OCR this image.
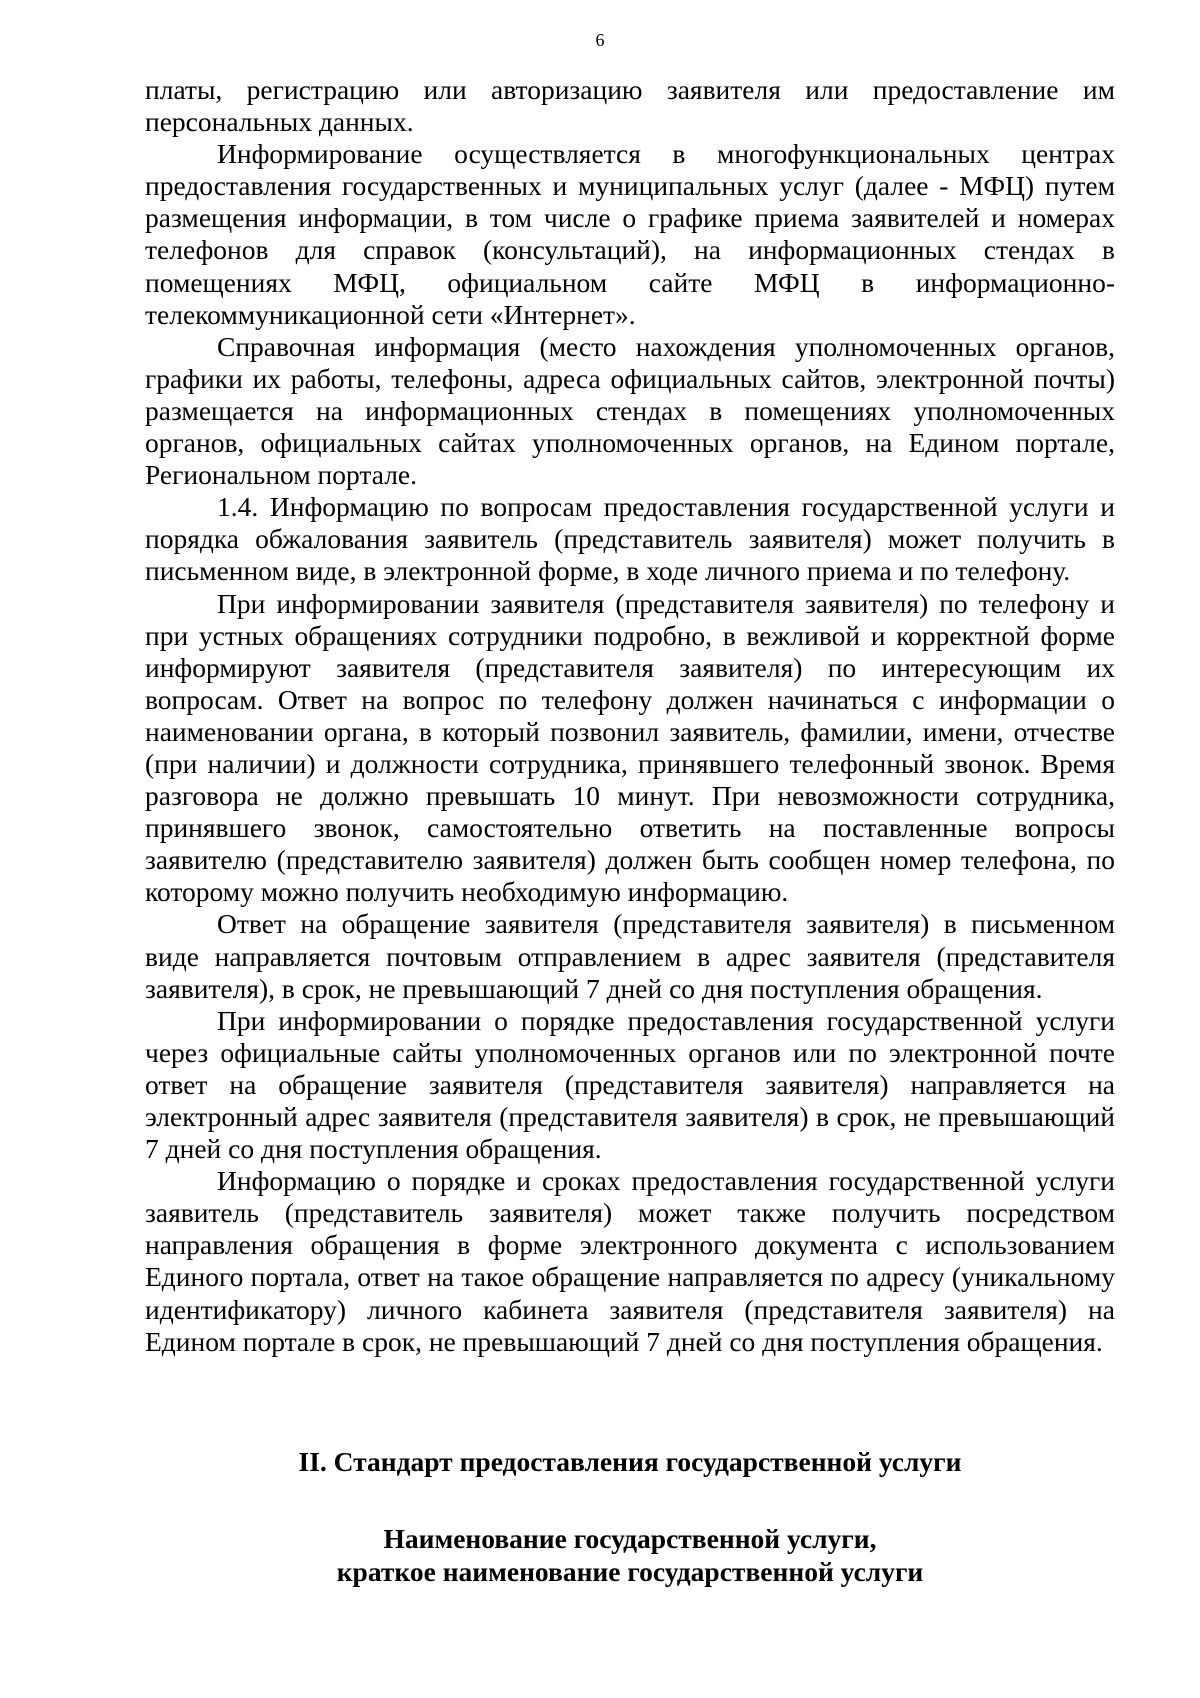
6

платы, регистрацию или авторизацию заявителя или предоставление им персональных данных.

Информирование осуществляется в многофункциональных центрах предоставления государственных и муниципальных услуг (далее - МФЦ) путем размещения информации, в том числе о графике приема заявителей и номерах телефонов для справок (консультаций), на информационных стендах в помещениях МФЦ, официальном сайте МФЦ в информационно-телекоммуникационной сети «Интернет».

Справочная информация (место нахождения уполномоченных органов, графики их работы, телефоны, адреса официальных сайтов, электронной почты) размещается на информационных стендах в помещениях уполномоченных органов, официальных сайтах уполномоченных органов, на Едином портале, Региональном портале.

1.4. Информацию по вопросам предоставления государственной услуги и порядка обжалования заявитель (представитель заявителя) может получить в письменном виде, в электронной форме, в ходе личного приема и по телефону.

При информировании заявителя (представителя заявителя) по телефону и при устных обращениях сотрудники подробно, в вежливой и корректной форме информируют заявителя (представителя заявителя) по интересующим их вопросам. Ответ на вопрос по телефону должен начинаться с информации о наименовании органа, в который позвонил заявитель, фамилии, имени, отчестве (при наличии) и должности сотрудника, принявшего телефонный звонок. Время разговора не должно превышать 10 минут. При невозможности сотрудника, принявшего звонок, самостоятельно ответить на поставленные вопросы заявителю (представителю заявителя) должен быть сообщен номер телефона, по которому можно получить необходимую информацию.

Ответ на обращение заявителя (представителя заявителя) в письменном виде направляется почтовым отправлением в адрес заявителя (представителя заявителя), в срок, не превышающий 7 дней со дня поступления обращения.

При информировании о порядке предоставления государственной услуги через официальные сайты уполномоченных органов или по электронной почте ответ на обращение заявителя (представителя заявителя) направляется на электронный адрес заявителя (представителя заявителя) в срок, не превышающий 7 дней со дня поступления обращения.

Информацию о порядке и сроках предоставления государственной услуги заявитель (представитель заявителя) может также получить посредством направления обращения в форме электронного документа с использованием Единого портала, ответ на такое обращение направляется по адресу (уникальному идентификатору) личного кабинета заявителя (представителя заявителя) на Едином портале в срок, не превышающий 7 дней со дня поступления обращения.

II. Стандарт предоставления государственной услуги

Наименование государственной услуги,

краткое наименование государственной услуги
